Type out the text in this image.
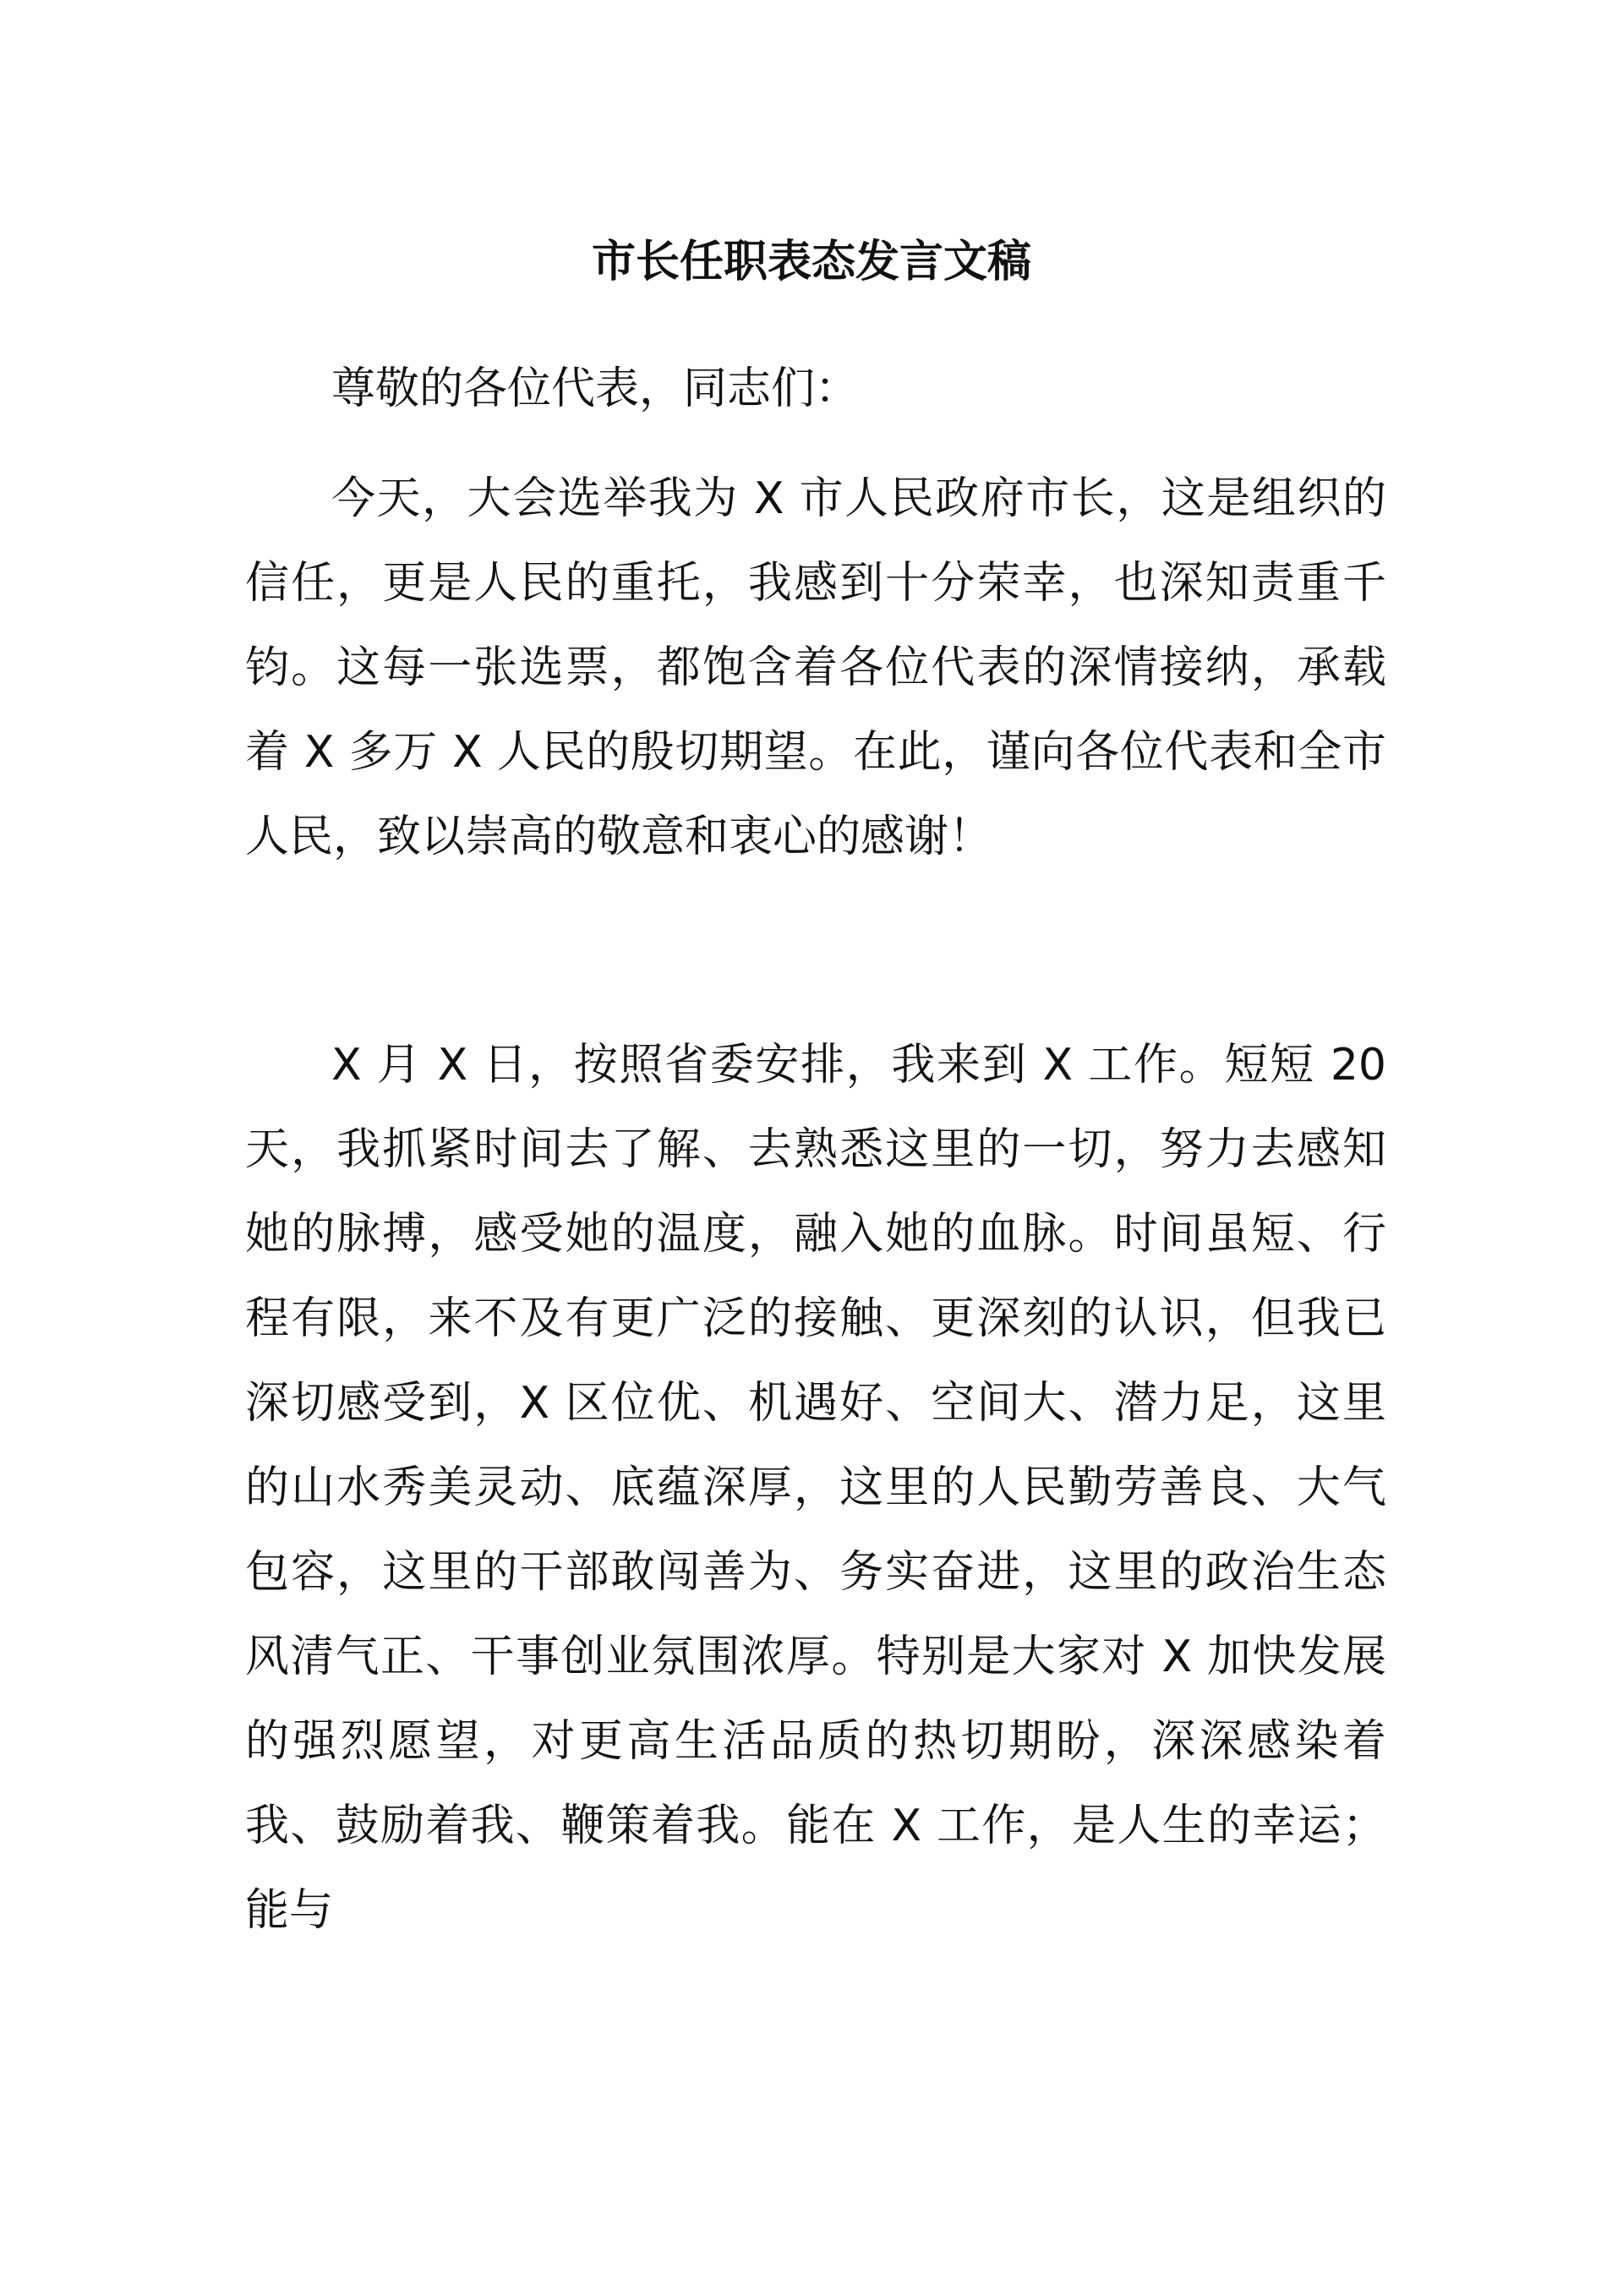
市长任职表态发言文稿
尊敬的各位代表，同志们：
今天，大会选举我为 X 市人民政府市长，这是组织的信任，更是人民的重托，我感到十分荣幸，也深知责重千钧。这每一张选票，都饱含着各位代表的深情接纳，承载着 X 多万 X 人民的殷切期望。在此，谨向各位代表和全市人民，致以崇高的敬意和衷心的感谢！
X 月 X 日，按照省委安排，我来到 X 工作。短短 20 天，我抓紧时间去了解、去熟悉这里的一切，努力去感知她的脉搏，感受她的温度，融入她的血脉。时间虽短、行程有限，来不及有更广泛的接触、更深刻的认识，但我已深切感受到，X 区位优、机遇好、空间大、潜力足，这里的山水秀美灵动、底蕴深厚，这里的人民勤劳善良、大气包容，这里的干部敢闯善为、务实奋进，这里的政治生态风清气正、干事创业氛围浓厚。特别是大家对 X 加快发展的强烈愿望，对更高生活品质的热切期盼，深深感染着我、鼓励着我、鞭策着我。能在 X 工作，是人生的幸运；能与
